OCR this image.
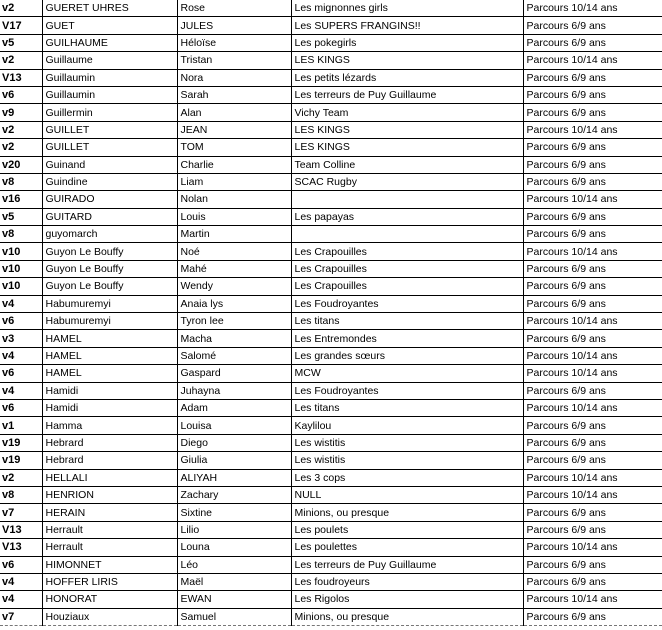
v2	GUERET UHRES	Rose	Les mignonnes girls	Parcours 10/14 ans
V17	GUET	JULES	Les SUPERS FRANGINS!!	Parcours 6/9 ans
v5	GUILHAUME	Héloïse	Les pokegirls	Parcours 6/9 ans
v2	Guillaume	Tristan	LES KINGS	Parcours 10/14 ans
V13	Guillaumin	Nora	Les petits lézards	Parcours 6/9 ans
v6	Guillaumin	Sarah	Les terreurs de Puy Guillaume	Parcours 6/9 ans
v9	Guillermin	Alan	Vichy Team	Parcours 6/9 ans
v2	GUILLET	JEAN	LES KINGS	Parcours 10/14 ans
v2	GUILLET	TOM	LES KINGS	Parcours 6/9 ans
v20	Guinand	Charlie	Team Colline	Parcours 6/9 ans
v8	Guindine	Liam	SCAC Rugby	Parcours 6/9 ans
v16	GUIRADO	Nolan		Parcours 10/14 ans
v5	GUITARD	Louis	Les papayas	Parcours 6/9 ans
v8	guyomarch	Martin		Parcours 6/9 ans
v10	Guyon Le Bouffy	Noé	Les Crapouilles	Parcours 10/14 ans
v10	Guyon Le Bouffy	Mahé	Les Crapouilles	Parcours 6/9 ans
v10	Guyon Le Bouffy	Wendy	Les Crapouilles	Parcours 6/9 ans
v4	Habumuremyi	Anaia lys	Les Foudroyantes	Parcours 6/9 ans
v6	Habumuremyi	Tyron lee	Les titans	Parcours 10/14 ans
v3	HAMEL	Macha	Les Entremondes	Parcours 6/9 ans
v4	HAMEL	Salomé	Les grandes sœurs	Parcours 10/14 ans
v6	HAMEL	Gaspard	MCW	Parcours 10/14 ans
v4	Hamidi	Juhayna	Les Foudroyantes	Parcours 6/9 ans
v6	Hamidi	Adam	Les titans	Parcours 10/14 ans
v1	Hamma	Louisa	Kaylilou	Parcours 6/9 ans
v19	Hebrard	Diego	Les wistitis	Parcours 6/9 ans
v19	Hebrard	Giulia	Les wistitis	Parcours 6/9 ans
v2	HELLALI	ALIYAH	Les 3 cops	Parcours 10/14 ans
v8	HENRION	Zachary	NULL	Parcours 10/14 ans
v7	HERAIN	Sixtine	Minions, ou presque	Parcours 6/9 ans
V13	Herrault	Lilio	Les poulets	Parcours 6/9 ans
V13	Herrault	Louna	Les poulettes	Parcours 10/14 ans
v6	HIMONNET	Léo	Les terreurs de Puy Guillaume	Parcours 6/9 ans
v4	HOFFER LIRIS	Maël	Les foudroyeurs	Parcours 6/9 ans
v4	HONORAT	EWAN	Les Rigolos	Parcours 10/14 ans
v7	Houziaux	Samuel	Minions, ou presque	Parcours 6/9 ans
